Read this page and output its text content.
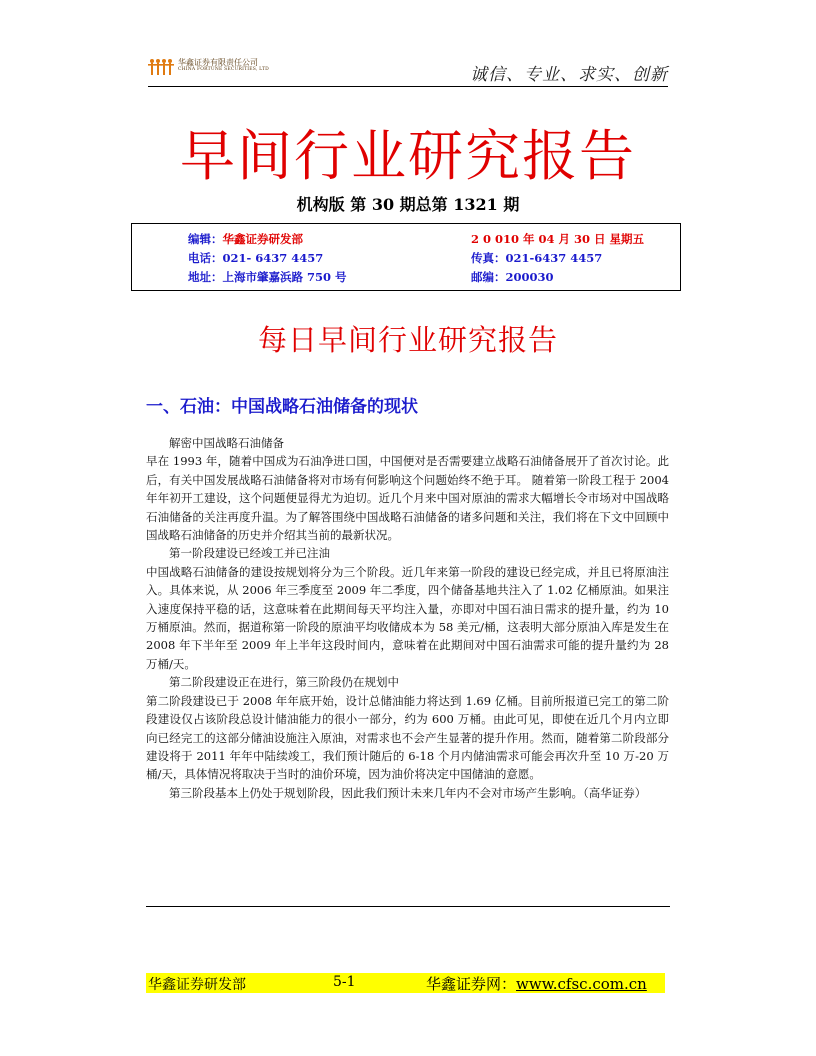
华鑫证券有限责任公司
CHINA FORTUNE SECURITIES, LTD	诚信、专业、求实、创新
早间行业研究报告
机构版 第 30 期总第 1321 期
编辑：华鑫证券研发部	2 0 010 年 04 月 30 日 星期五
电话：021- 6437 4457	传真：021-6437 4457
地址：上海市肇嘉浜路 750 号	邮编：200030
每日早间行业研究报告
一、石油：中国战略石油储备的现状

解密中国战略石油储备

早在 1993 年，随着中国成为石油净进口国，中国便对是否需要建立战略石油储备展开了首次讨论。此后，有关中国发展战略石油储备将对市场有何影响这个问题始终不绝于耳。 随着第一阶段工程于 2004 年年初开工建设，这个问题便显得尤为迫切。近几个月来中国对原油的需求大幅增长令市场对中国战略石油储备的关注再度升温。为了解答围绕中国战略石油储备的诸多问题和关注，我们将在下文中回顾中国战略石油储备的历史并介绍其当前的最新状况。

第一阶段建设已经竣工并已注油

中国战略石油储备的建设按规划将分为三个阶段。近几年来第一阶段的建设已经完成，并且已将原油注入。具体来说，从 2006 年三季度至 2009 年二季度，四个储备基地共注入了 1.02 亿桶原油。如果注入速度保持平稳的话，这意味着在此期间每天平均注入量，亦即对中国石油日需求的提升量，约为 10 万桶原油。然而，据道称第一阶段的原油平均收储成本为 58 美元/桶，这表明大部分原油入库是发生在 2008 年下半年至 2009 年上半年这段时间内，意味着在此期间对中国石油需求可能的提升量约为 28 万桶/天。

第二阶段建设正在进行，第三阶段仍在规划中

第二阶段建设已于 2008 年年底开始，设计总储油能力将达到 1.69 亿桶。目前所报道已完工的第二阶段建设仅占该阶段总设计储油能力的很小一部分，约为 600 万桶。由此可见，即使在近几个月内立即向已经完工的这部分储油设施注入原油，对需求也不会产生显著的提升作用。然而，随着第二阶段部分建设将于 2011 年年中陆续竣工，我们预计随后的 6-18 个月内储油需求可能会再次升至 10 万-20 万桶/天，具体情况将取决于当时的油价环境，因为油价将决定中国储油的意愿。

第三阶段基本上仍处于规划阶段，因此我们预计未来几年内不会对市场产生影响。（高华证券）

华鑫证券研发部	5-1	华鑫证券网：www.cfsc.com.cn
